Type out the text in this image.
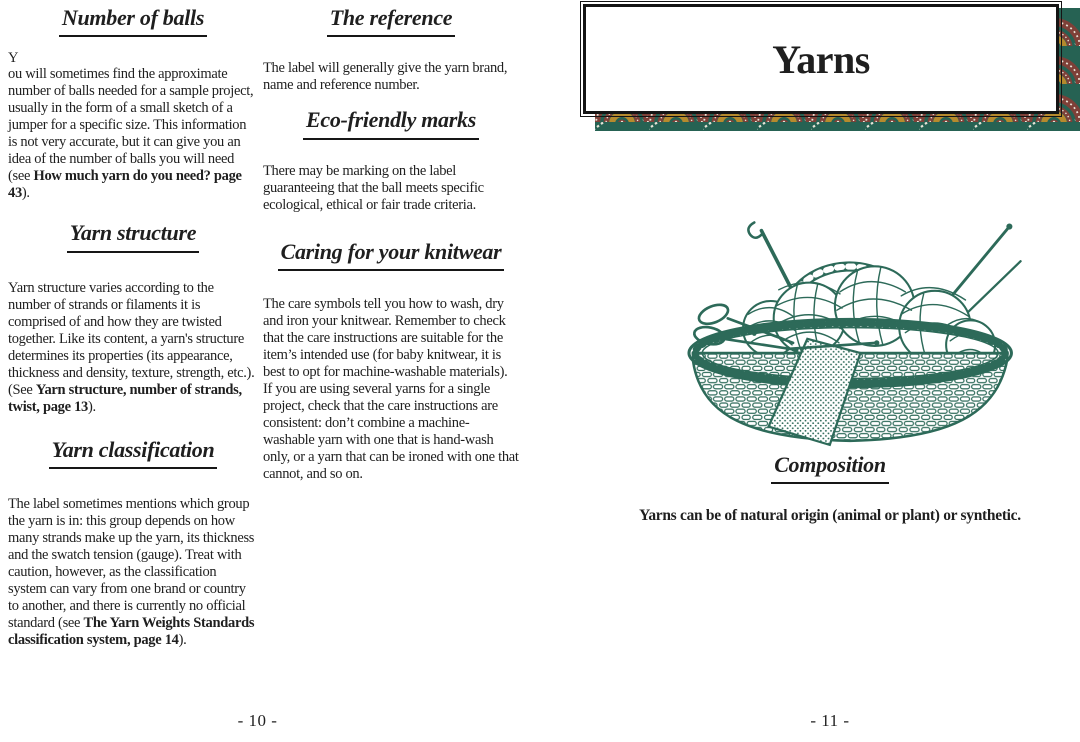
Number of balls

Y

ou will sometimes find the approximate number of balls needed for a sample project, usually in the form of a small sketch of a jumper for a specific size. This information is not very accurate, but it can give you an idea of the number of balls you will need (see How much yarn do you need? page 43).

Yarn structure

Yarn structure varies according to the number of strands or filaments it is comprised of and how they are twisted together. Like its content, a yarn's structure determines its properties (its appearance, thickness and density, texture, strength, etc.). (See Yarn structure, number of strands, twist, page 13).

Yarn classification

The label sometimes mentions which group the yarn is in: this group depends on how many strands make up the yarn, its thickness and the swatch tension (gauge). Treat with caution, however, as the classification system can vary from one brand or country to another, and there is currently no official standard (see The Yarn Weights Standards classification system, page 14).

The reference

The label will generally give the yarn brand, name and reference number.

Eco-friendly marks

There may be marking on the label guaranteeing that the ball meets specific ecological, ethical or fair trade criteria.

Caring for your knitwear

The care symbols tell you how to wash, dry and iron your knitwear. Remember to check that the care instructions are suitable for the item’s intended use (for baby knitwear, it is best to opt for machine-washable materials). If you are using several yarns for a single project, check that the care instructions are consistent: don’t combine a machine-washable yarn with one that is hand-wash only, or a yarn that can be ironed with one that cannot, and so on.

- 10 -
Yarns
Composition

Yarns can be of natural origin (animal or plant) or synthetic.

- 11 -
